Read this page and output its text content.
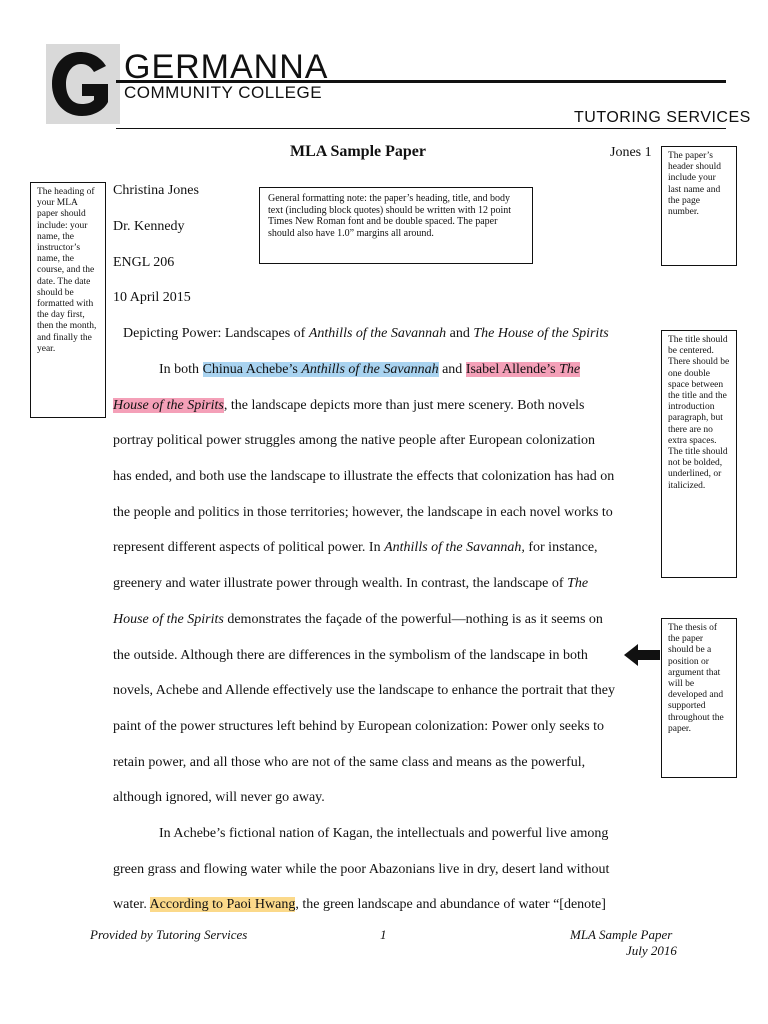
GERMANNA
COMMUNITY COLLEGE
TUTORING SERVICES
MLA Sample Paper	Jones 1	The paper’s header should include your last name and the page number.
The heading of your MLA paper should include: your name, the instructor’s name, the course, and the date. The date should be formatted with the day first, then the month, and finally the year.
General formatting note: the paper’s heading, title, and body text (including block quotes) should be written with 12 point Times New Roman font and be double spaced. The paper should also have 1.0” margins all around.
The title should be centered. There should be one double space between the title and the introduction paragraph, but there are no extra spaces. The title should not be bolded, underlined, or italicized.
The thesis of the paper should be a position or argument that will be developed and supported throughout the paper.
Christina Jones
Dr. Kennedy
ENGL 206
10 April 2015
Depicting Power: Landscapes of Anthills of the Savannah and The House of the Spirits
In both Chinua Achebe’s Anthills of the Savannah and Isabel Allende’s The
House of the Spirits, the landscape depicts more than just mere scenery. Both novels
portray political power struggles among the native people after European colonization
has ended, and both use the landscape to illustrate the effects that colonization has had on
the people and politics in those territories; however, the landscape in each novel works to
represent different aspects of political power. In Anthills of the Savannah, for instance,
greenery and water illustrate power through wealth. In contrast, the landscape of The
House of the Spirits demonstrates the façade of the powerful—nothing is as it seems on
the outside. Although there are differences in the symbolism of the landscape in both
novels, Achebe and Allende effectively use the landscape to enhance the portrait that they
paint of the power structures left behind by European colonization: Power only seeks to
retain power, and all those who are not of the same class and means as the powerful,
although ignored, will never go away.
In Achebe’s fictional nation of Kagan, the intellectuals and powerful live among
green grass and flowing water while the poor Abazonians live in dry, desert land without
water. According to Paoi Hwang, the green landscape and abundance of water “[denote]
Provided by Tutoring Services	1	MLA Sample Paper
July 2016
